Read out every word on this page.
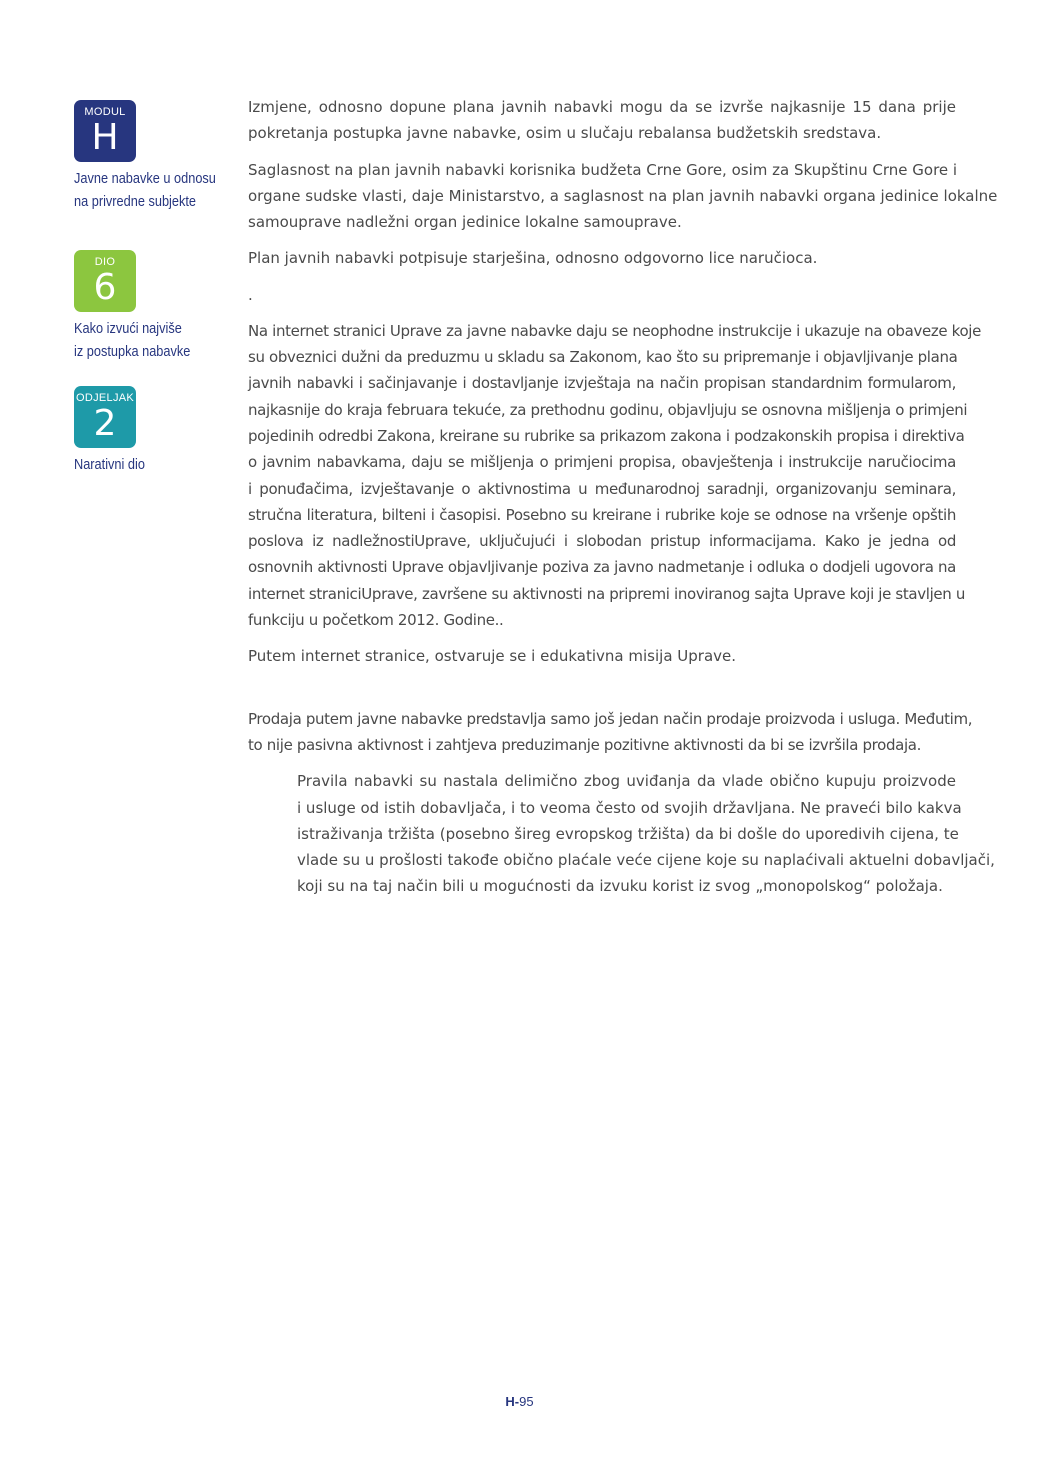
MODUL
H
Javne nabavke u odnosu
na privredne subjekte
DIO
6
Kako izvući najviše
iz postupka nabavke
ODJELJAK
2
Narativni dio

Izmjene, odnosno dopune plana javnih nabavki mogu da se izvrše najkasnije 15 dana prije
pokretanja postupka javne nabavke, osim u slučaju rebalansa budžetskih sredstava.

Saglasnost na plan javnih nabavki korisnika budžeta Crne Gore, osim za Skupštinu Crne Gore i
organe sudske vlasti, daje Ministarstvo, a saglasnost na plan javnih nabavki organa jedinice lokalne
samouprave nadležni organ jedinice lokalne samouprave.

Plan javnih nabavki potpisuje starješina, odnosno odgovorno lice naručioca.

.

Na internet stranici Uprave za javne nabavke daju se neophodne instrukcije i ukazuje na obaveze koje
su obveznici dužni da preduzmu u skladu sa Zakonom, kao što su pripremanje i objavljivanje plana
javnih nabavki i sačinjavanje i dostavljanje izvještaja na način propisan standardnim formularom,
najkasnije do kraja februara tekuće, za prethodnu godinu, objavljuju se osnovna mišljenja o primjeni
pojedinih odredbi Zakona, kreirane su rubrike sa prikazom zakona i podzakonskih propisa i direktiva
o javnim nabavkama, daju se mišljenja o primjeni propisa, obavještenja i instrukcije naručiocima
i ponuđačima, izvještavanje o aktivnostima u međunarodnoj saradnji, organizovanju seminara,
stručna literatura, bilteni i časopisi. Posebno su kreirane i rubrike koje se odnose na vršenje opštih
poslova iz nadležnostiUprave, uključujući i slobodan pristup informacijama. Kako je jedna od
osnovnih aktivnosti Uprave objavljivanje poziva za javno nadmetanje i odluka o dodjeli ugovora na
internet straniciUprave, završene su aktivnosti na pripremi inoviranog sajta Uprave koji je stavljen u
funkciju u početkom 2012. Godine..

Putem internet stranice, ostvaruje se i edukativna misija Uprave.

Prodaja putem javne nabavke predstavlja samo još jedan način prodaje proizvoda i usluga. Međutim,
to nije pasivna aktivnost i zahtjeva preduzimanje pozitivne aktivnosti da bi se izvršila prodaja.

Pravila nabavki su nastala delimično zbog uviđanja da vlade obično kupuju proizvode
i usluge od istih dobavljača, i to veoma često od svojih državljana. Ne praveći bilo kakva
istraživanja tržišta (posebno šireg evropskog tržišta) da bi došle do uporedivih cijena, te
vlade su u prošlosti takođe obično plaćale veće cijene koje su naplaćivali aktuelni dobavljači,
koji su na taj način bili u mogućnosti da izvuku korist iz svog „monopolskog“ položaja.

H-95
